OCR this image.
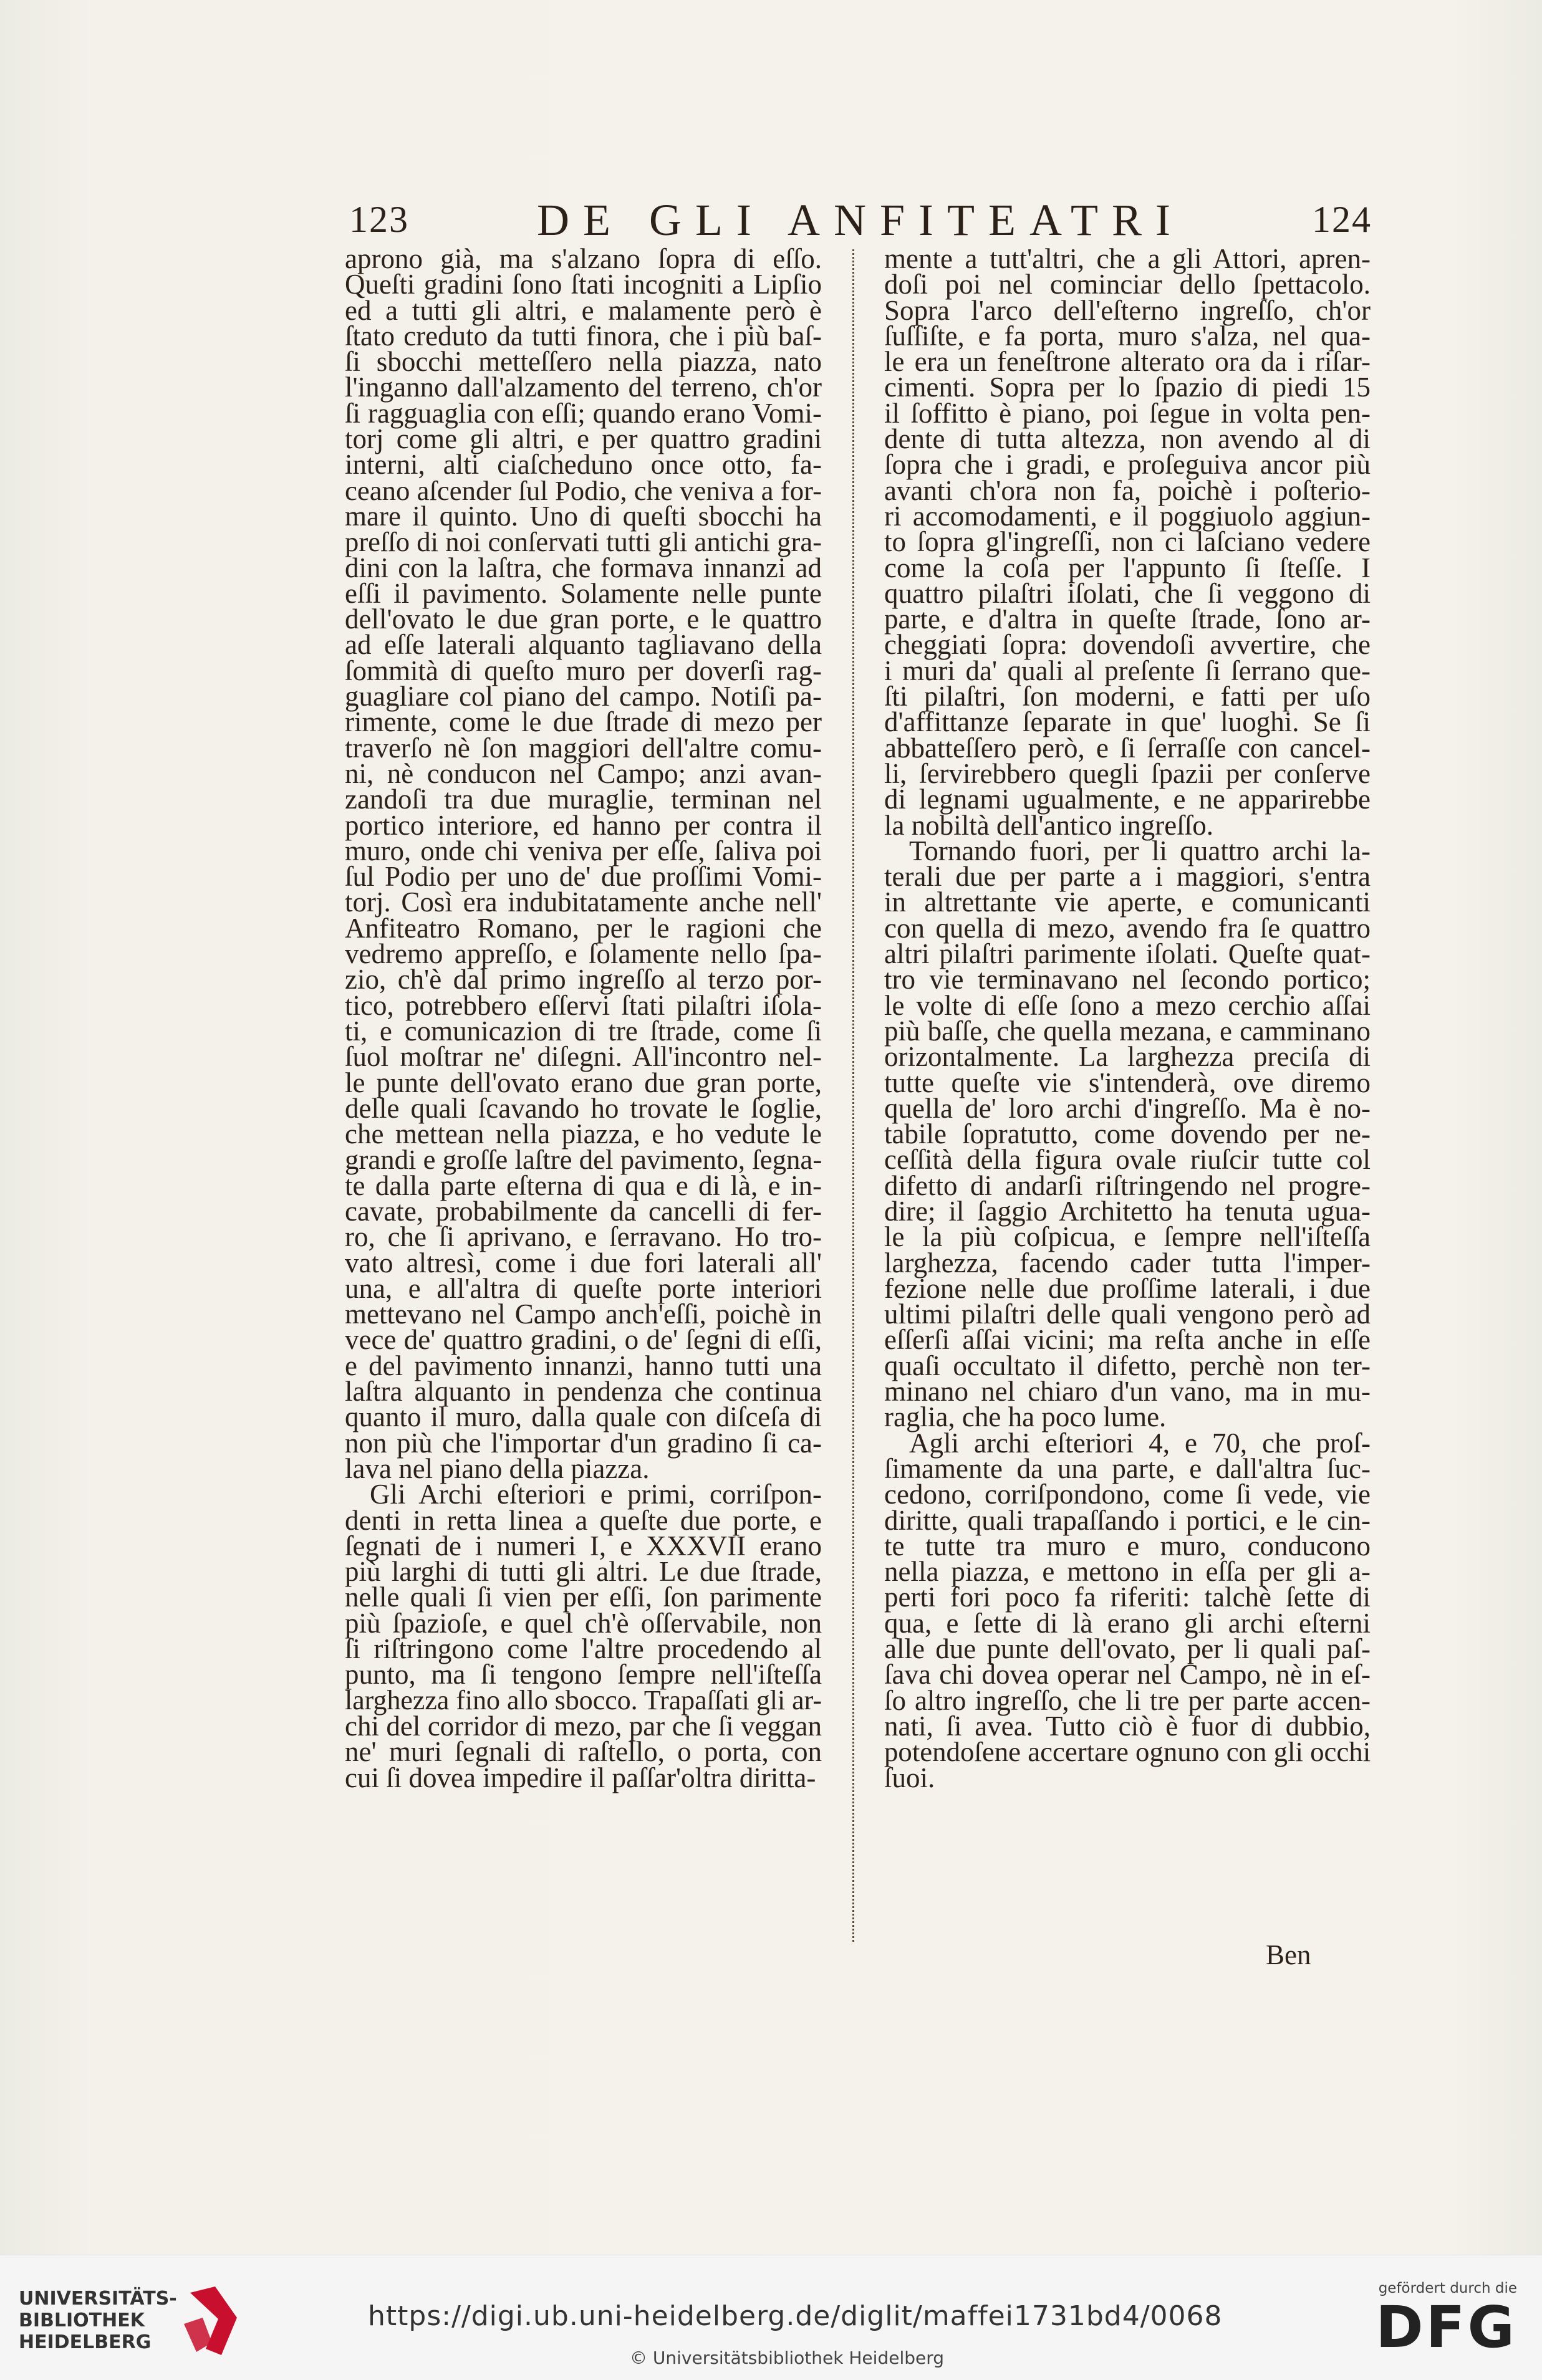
123	DE GLI ANFITEATRI	124
aprono già, ma s'alzano ſopra di eſſo.
Queſti gradini ſono ſtati incogniti a Lipſio
ed a tutti gli altri, e malamente però è
ſtato creduto da tutti finora, che i più baſ-
ſi sbocchi metteſſero nella piazza, nato
l'inganno dall'alzamento del terreno, ch'or
ſi ragguaglia con eſſi; quando erano Vomi-
torj come gli altri, e per quattro gradini
interni, alti ciaſcheduno once otto, fa-
ceano aſcender ſul Podio, che veniva a for-
mare il quinto. Uno di queſti sbocchi ha
preſſo di noi conſervati tutti gli antichi gra-
dini con la laſtra, che formava innanzi ad
eſſi il pavimento. Solamente nelle punte
dell'ovato le due gran porte, e le quattro
ad eſſe laterali alquanto tagliavano della
ſommità di queſto muro per doverſi rag-
guagliare col piano del campo. Notiſi pa-
rimente, come le due ſtrade di mezo per
traverſo nè ſon maggiori dell'altre comu-
ni, nè conducon nel Campo; anzi avan-
zandoſi tra due muraglie, terminan nel
portico interiore, ed hanno per contra il
muro, onde chi veniva per eſſe, ſaliva poi
ſul Podio per uno de' due proſſimi Vomi-
torj. Così era indubitatamente anche nell'
Anfiteatro Romano, per le ragioni che
vedremo appreſſo, e ſolamente nello ſpa-
zio, ch'è dal primo ingreſſo al terzo por-
tico, potrebbero eſſervi ſtati pilaſtri iſola-
ti, e comunicazion di tre ſtrade, come ſi
ſuol moſtrar ne' diſegni. All'incontro nel-
le punte dell'ovato erano due gran porte,
delle quali ſcavando ho trovate le ſoglie,
che mettean nella piazza, e ho vedute le
grandi e groſſe laſtre del pavimento, ſegna-
te dalla parte eſterna di qua e di là, e in-
cavate, probabilmente da cancelli di fer-
ro, che ſi aprivano, e ſerravano. Ho tro-
vato altresì, come i due fori laterali all'
una, e all'altra di queſte porte interiori
mettevano nel Campo anch'eſſi, poichè in
vece de' quattro gradini, o de' ſegni di eſſi,
e del pavimento innanzi, hanno tutti una
laſtra alquanto in pendenza che continua
quanto il muro, dalla quale con diſceſa di
non più che l'importar d'un gradino ſi ca-
lava nel piano della piazza.
Gli Archi eſteriori e primi, corriſpon-
denti in retta linea a queſte due porte, e
ſegnati de i numeri I, e XXXVII erano
più larghi di tutti gli altri. Le due ſtrade,
nelle quali ſi vien per eſſi, ſon parimente
più ſpazioſe, e quel ch'è oſſervabile, non
ſi riſtringono come l'altre procedendo al
punto, ma ſi tengono ſempre nell'iſteſſa
larghezza fino allo sbocco. Trapaſſati gli ar-
chi del corridor di mezo, par che ſi veggan
ne' muri ſegnali di raſtello, o porta, con
cui ſi dovea impedire il paſſar'oltra diritta-
mente a tutt'altri, che a gli Attori, apren-
doſi poi nel cominciar dello ſpettacolo.
Sopra l'arco dell'eſterno ingreſſo, ch'or
ſuſſiſte, e fa porta, muro s'alza, nel qua-
le era un feneſtrone alterato ora da i riſar-
cimenti. Sopra per lo ſpazio di piedi 15
il ſoffitto è piano, poi ſegue in volta pen-
dente di tutta altezza, non avendo al di
ſopra che i gradi, e proſeguiva ancor più
avanti ch'ora non fa, poichè i poſterio-
ri accomodamenti, e il poggiuolo aggiun-
to ſopra gl'ingreſſi, non ci laſciano vedere
come la coſa per l'appunto ſi ſteſſe. I
quattro pilaſtri iſolati, che ſi veggono di
parte, e d'altra in queſte ſtrade, ſono ar-
cheggiati ſopra: dovendoſi avvertire, che
i muri da' quali al preſente ſi ſerrano que-
ſti pilaſtri, ſon moderni, e fatti per uſo
d'affittanze ſeparate in que' luoghi. Se ſi
abbatteſſero però, e ſi ſerraſſe con cancel-
li, ſervirebbero quegli ſpazii per conſerve
di legnami ugualmente, e ne apparirebbe
la nobiltà dell'antico ingreſſo.
Tornando fuori, per li quattro archi la-
terali due per parte a i maggiori, s'entra
in altrettante vie aperte, e comunicanti
con quella di mezo, avendo fra ſe quattro
altri pilaſtri parimente iſolati. Queſte quat-
tro vie terminavano nel ſecondo portico;
le volte di eſſe ſono a mezo cerchio aſſai
più baſſe, che quella mezana, e camminano
orizontalmente. La larghezza preciſa di
tutte queſte vie s'intenderà, ove diremo
quella de' loro archi d'ingreſſo. Ma è no-
tabile ſopratutto, come dovendo per ne-
ceſſità della figura ovale riuſcir tutte col
difetto di andarſi riſtringendo nel progre-
dire; il ſaggio Architetto ha tenuta ugua-
le la più coſpicua, e ſempre nell'iſteſſa
larghezza, facendo cader tutta l'imper-
fezione nelle due proſſime laterali, i due
ultimi pilaſtri delle quali vengono però ad
eſſerſi aſſai vicini; ma reſta anche in eſſe
quaſi occultato il difetto, perchè non ter-
minano nel chiaro d'un vano, ma in mu-
raglia, che ha poco lume.
Agli archi eſteriori 4, e 70, che proſ-
ſimamente da una parte, e dall'altra ſuc-
cedono, corriſpondono, come ſi vede, vie
diritte, quali trapaſſando i portici, e le cin-
te tutte tra muro e muro, conducono
nella piazza, e mettono in eſſa per gli a-
perti fori poco fa riferiti: talchè ſette di
qua, e ſette di là erano gli archi eſterni
alle due punte dell'ovato, per li quali paſ-
ſava chi dovea operar nel Campo, nè in eſ-
ſo altro ingreſſo, che li tre per parte accen-
nati, ſi avea. Tutto ciò è fuor di dubbio,
potendoſene accertare ognuno con gli occhi
ſuoi.
Ben
UNIVERSITÄTS-
BIBLIOTHEK
HEIDELBERG
https://digi.ub.uni-heidelberg.de/diglit/maffei1731bd4/0068
© Universitätsbibliothek Heidelberg
gefördert durch die
DFG
